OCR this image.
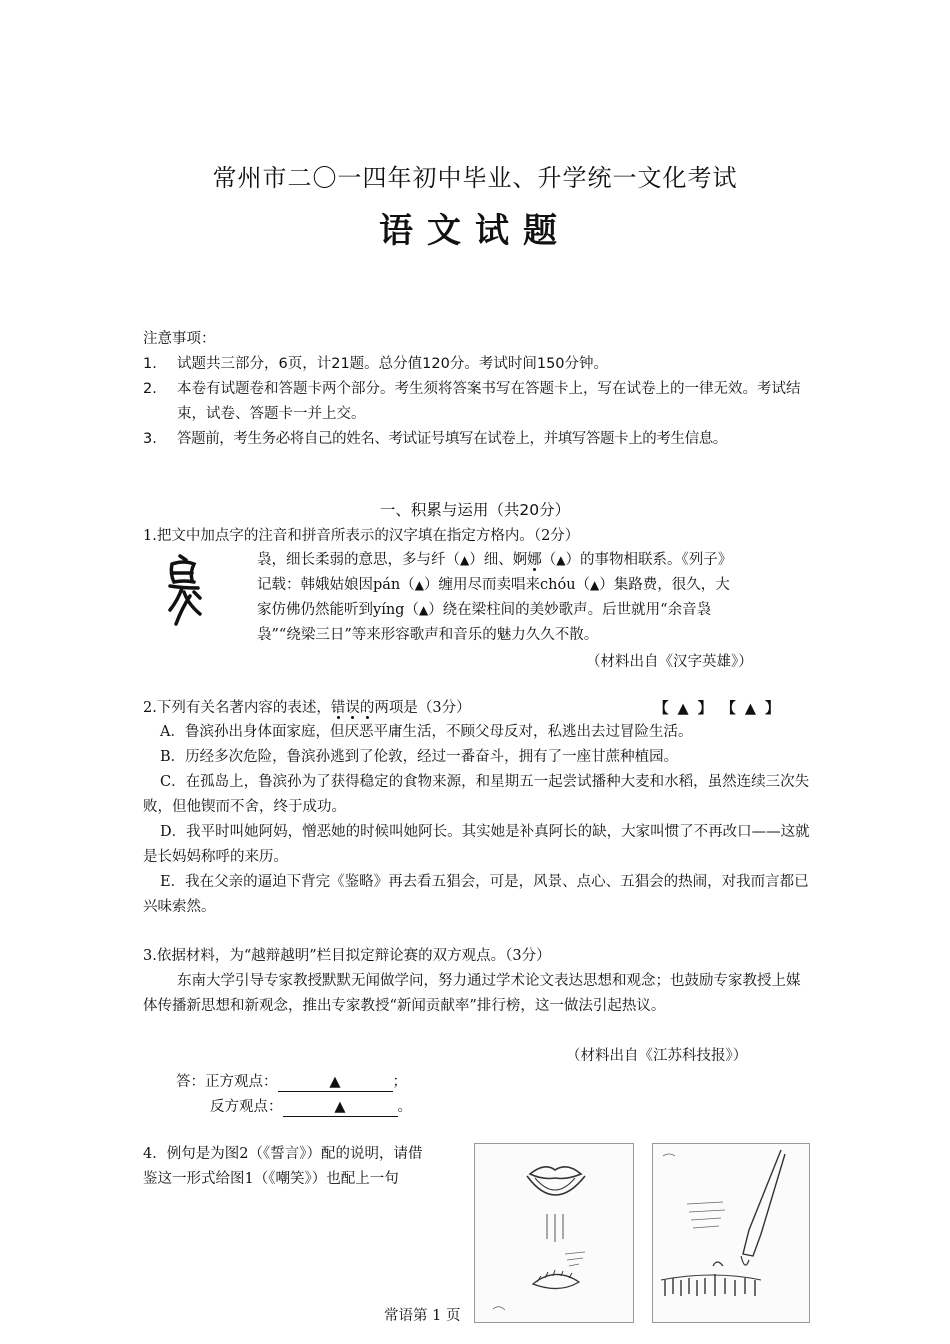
常州市二〇一四年初中毕业、升学统一文化考试
语文试题
注意事项：
1.	试题共三部分，6页，计21题。总分值120分。考试时间150分钟。
2.	本卷有试题卷和答题卡两个部分。考生须将答案书写在答题卡上，写在试卷上的一律无效。考试结束，试卷、答题卡一并上交。
3.	答题前，考生务必将自己的姓名、考试证号填写在试卷上，并填写答题卡上的考生信息。
一、积累与运用（共20分）
1.把文中加点字的注音和拼音所表示的汉字填在指定方格内。（2分）
袅，细长柔弱的意思，多与纤（▲）细、婀娜（▲）的事物相联系。《列子》
记载：韩娥姑娘因pán（▲）缠用尽而卖唱来chóu（▲）集路费，很久，大
家仿佛仍然能听到yíng（▲）绕在梁柱间的美妙歌声。后世就用“余音袅
袅”“绕梁三日”等来形容歌声和音乐的魅力久久不散。
（材料出自《汉字英雄》）
2.下列有关名著内容的表述，错误的两项是（3分）	【 ▲ 】 【 ▲ 】
A．鲁滨孙出身体面家庭，但厌恶平庸生活，不顾父母反对，私逃出去过冒险生活。
B．历经多次危险，鲁滨孙逃到了伦敦，经过一番奋斗，拥有了一座甘蔗种植园。
C．在孤岛上，鲁滨孙为了获得稳定的食物来源，和星期五一起尝试播种大麦和水稻，虽然连续三次失败，但他锲而不舍，终于成功。
D．我平时叫她阿妈，憎恶她的时候叫她阿长。其实她是补真阿长的缺，大家叫惯了不再改口——这就是长妈妈称呼的来历。
E．我在父亲的逼迫下背完《鉴略》再去看五猖会，可是，风景、点心、五猖会的热闹，对我而言都已兴味索然。
3.依据材料，为“越辩越明”栏目拟定辩论赛的双方观点。（3分）
东南大学引导专家教授默默无闻做学问，努力通过学术论文表达思想和观念；也鼓励专家教授上媒体传播新思想和新观念，推出专家教授“新闻贡献率”排行榜，这一做法引起热议。
（材料出自《江苏科技报》）
答：正方观点：	▲	；
反方观点：	▲	。
4．例句是为图2（《誓言》）配的说明，请借
鉴这一形式给图1（《嘲笑》）也配上一句
常语第 1 页
